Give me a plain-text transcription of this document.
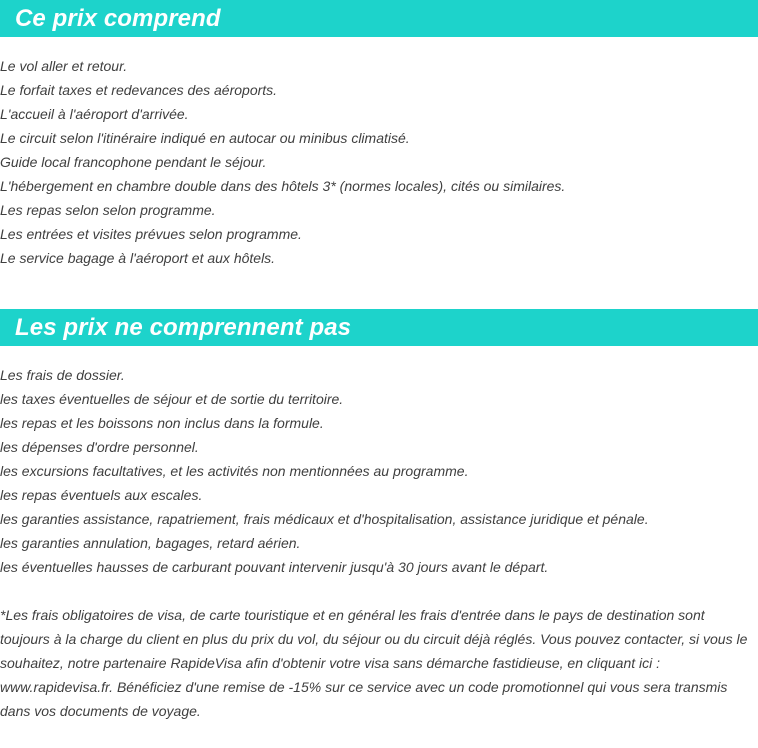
Ce prix comprend
Le vol aller et retour.
Le forfait taxes et redevances des aéroports.
L'accueil à l'aéroport d'arrivée.
Le circuit selon l'itinéraire indiqué en autocar ou minibus climatisé.
Guide local francophone pendant le séjour.
L'hébergement en chambre double dans des hôtels 3* (normes locales), cités ou similaires.
Les repas selon selon programme.
Les entrées et visites prévues selon programme.
Le service bagage à l'aéroport et aux hôtels.
Les prix ne comprennent pas
Les frais de dossier.
les taxes éventuelles de séjour et de sortie du territoire.
les repas et les boissons non inclus dans la formule.
les dépenses d'ordre personnel.
les excursions facultatives, et les activités non mentionnées au programme.
les repas éventuels aux escales.
les garanties assistance, rapatriement, frais médicaux et d'hospitalisation, assistance juridique et pénale.
les garanties annulation, bagages, retard aérien.
les éventuelles hausses de carburant pouvant intervenir jusqu'à 30 jours avant le départ.
*Les frais obligatoires de visa, de carte touristique et en général les frais d'entrée dans le pays de destination sont toujours à la charge du client en plus du prix du vol, du séjour ou du circuit déjà réglés. Vous pouvez contacter, si vous le souhaitez, notre partenaire RapideVisa afin d'obtenir votre visa sans démarche fastidieuse, en cliquant ici : www.rapidevisa.fr. Bénéficiez d'une remise de -15% sur ce service avec un code promotionnel qui vous sera transmis dans vos documents de voyage.
